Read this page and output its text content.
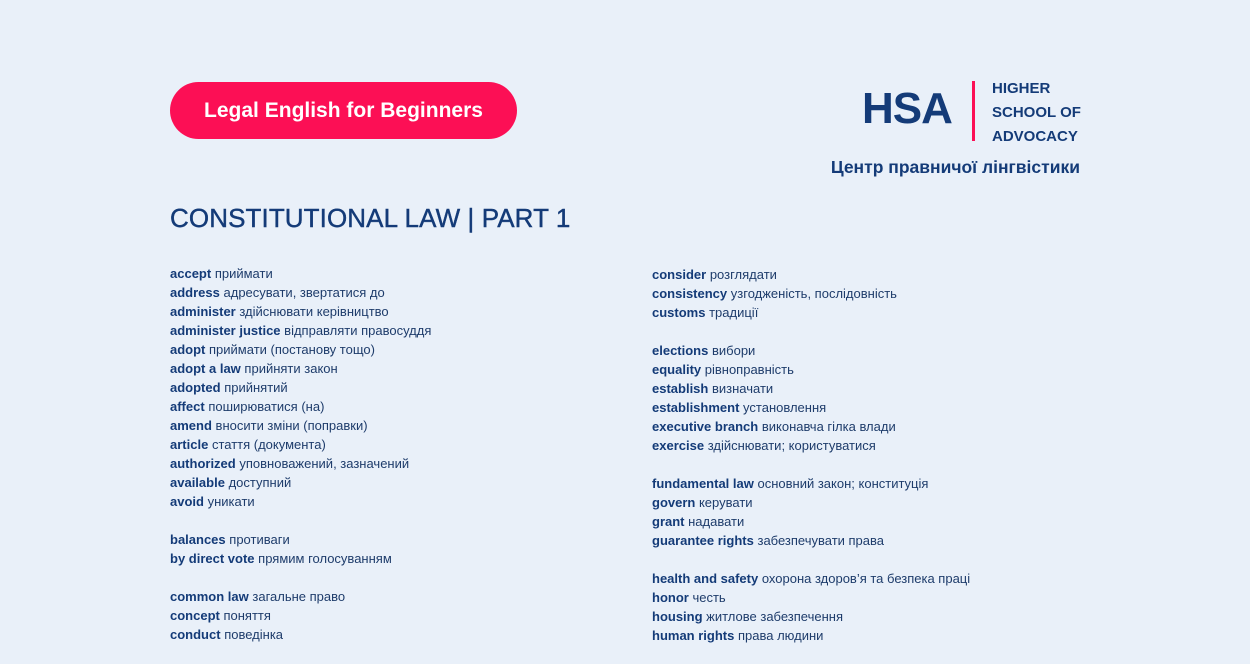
Legal English for Beginners	HSA	HIGHER
SCHOOL OF
ADVOCACY
Центр правничої лінгвістики
CONSTITUTIONAL LAW | PART 1
accept приймати
address адресувати, звертатися до
administer здійснювати керівництво
administer justice відправляти правосуддя
adopt приймати (постанову тощо)
adopt a law прийняти закон
adopted прийнятий
affect поширюватися (на)
amend вносити зміни (поправки)
article стаття (документа)
authorized уповноважений, зазначений
available доступний
avoid уникати
balances противаги
by direct vote прямим голосуванням
common law загальне право
concept поняття
conduct поведінка
consider розглядати
consistency узгодженість, послідовність
customs традиції
elections вибори
equality рівноправність
establish визначати
establishment установлення
executive branch виконавча гілка влади
exercise здійснювати; користуватися
fundamental law основний закон; конституція
govern керувати
grant надавати
guarantee rights забезпечувати права
health and safety охорона здоров’я та безпека праці
honor честь
housing житлове забезпечення
human rights права людини
